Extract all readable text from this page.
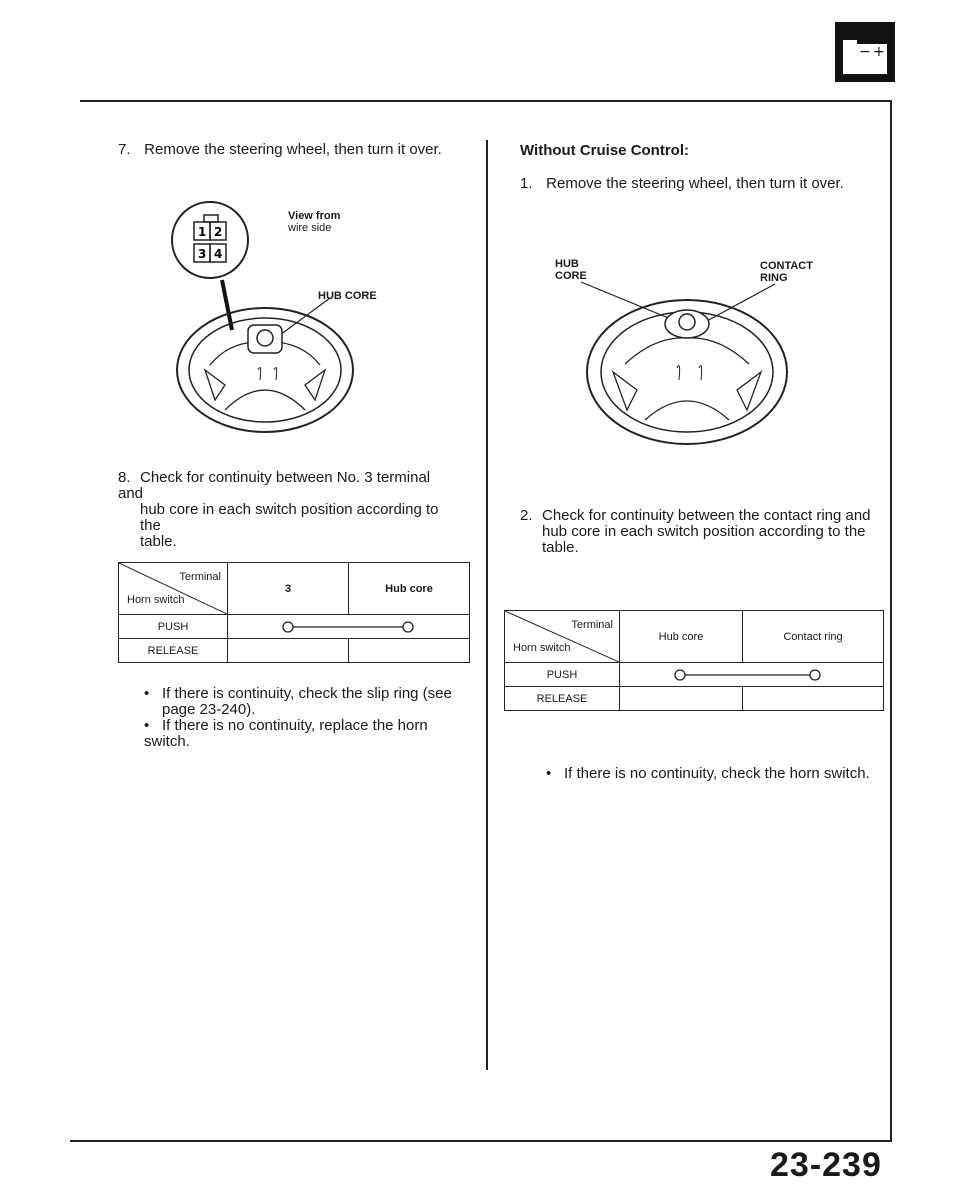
− +
7. Remove the steering wheel, then turn it over.
1 2
3 4
View from
wire side
HUB CORE
8. Check for continuity between No. 3 terminal and
hub core in each switch position according to the
table.
Terminal
Horn switch	3	Hub core
PUSH	

RELEASE		
• If there is continuity, check the slip ring (see
page 23-240).
• If there is no continuity, replace the horn switch.
Without Cruise Control:
1. Remove the steering wheel, then turn it over.
HUB
CORE
CONTACT
RING
2. Check for continuity between the contact ring and
hub core in each switch position according to the
table.
Terminal
Horn switch	Hub core	Contact ring
PUSH	

RELEASE		
• If there is no continuity, check the horn switch.
23-239
